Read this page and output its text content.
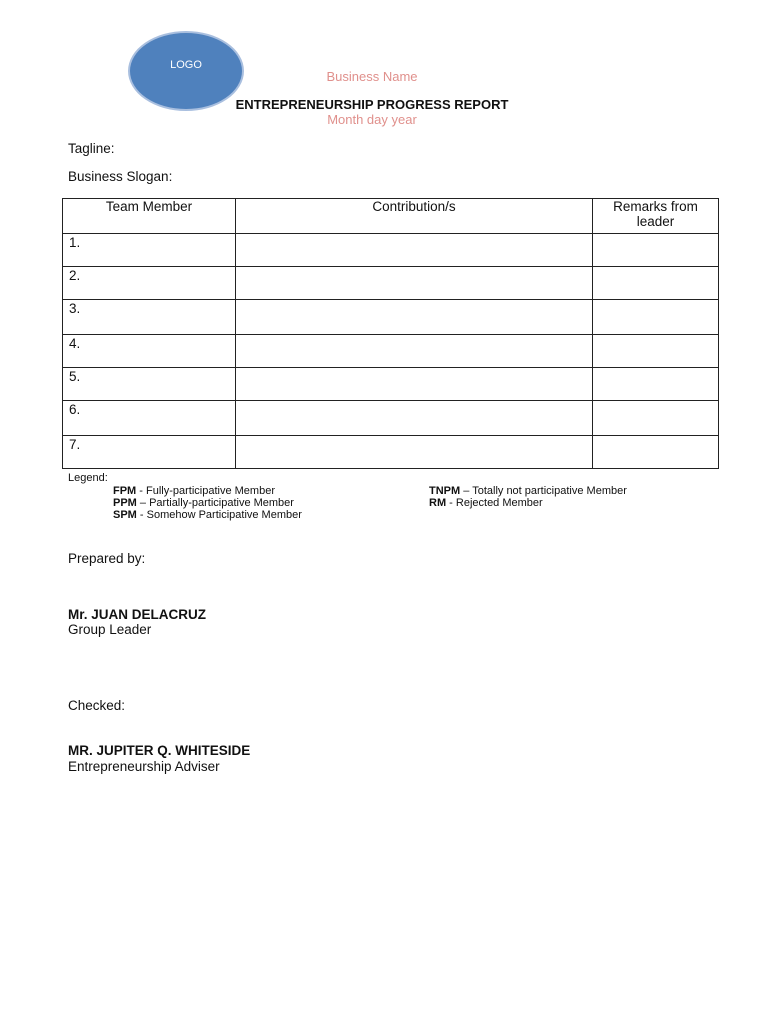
LOGO
Business Name
ENTREPRENEURSHIP PROGRESS REPORT
Month day year
Tagline:
Business Slogan:
Team Member	Contribution/s	Remarks from leader
1.		
2.		
3.		
4.		
5.		
6.		
7.		
Legend:
FPM - Fully-participative Member
PPM – Partially-participative Member
SPM - Somehow Participative Member
TNPM – Totally not participative Member
RM - Rejected Member
Prepared by:
Mr. JUAN DELACRUZ
Group Leader
Checked:
MR. JUPITER Q. WHITESIDE
Entrepreneurship Adviser
